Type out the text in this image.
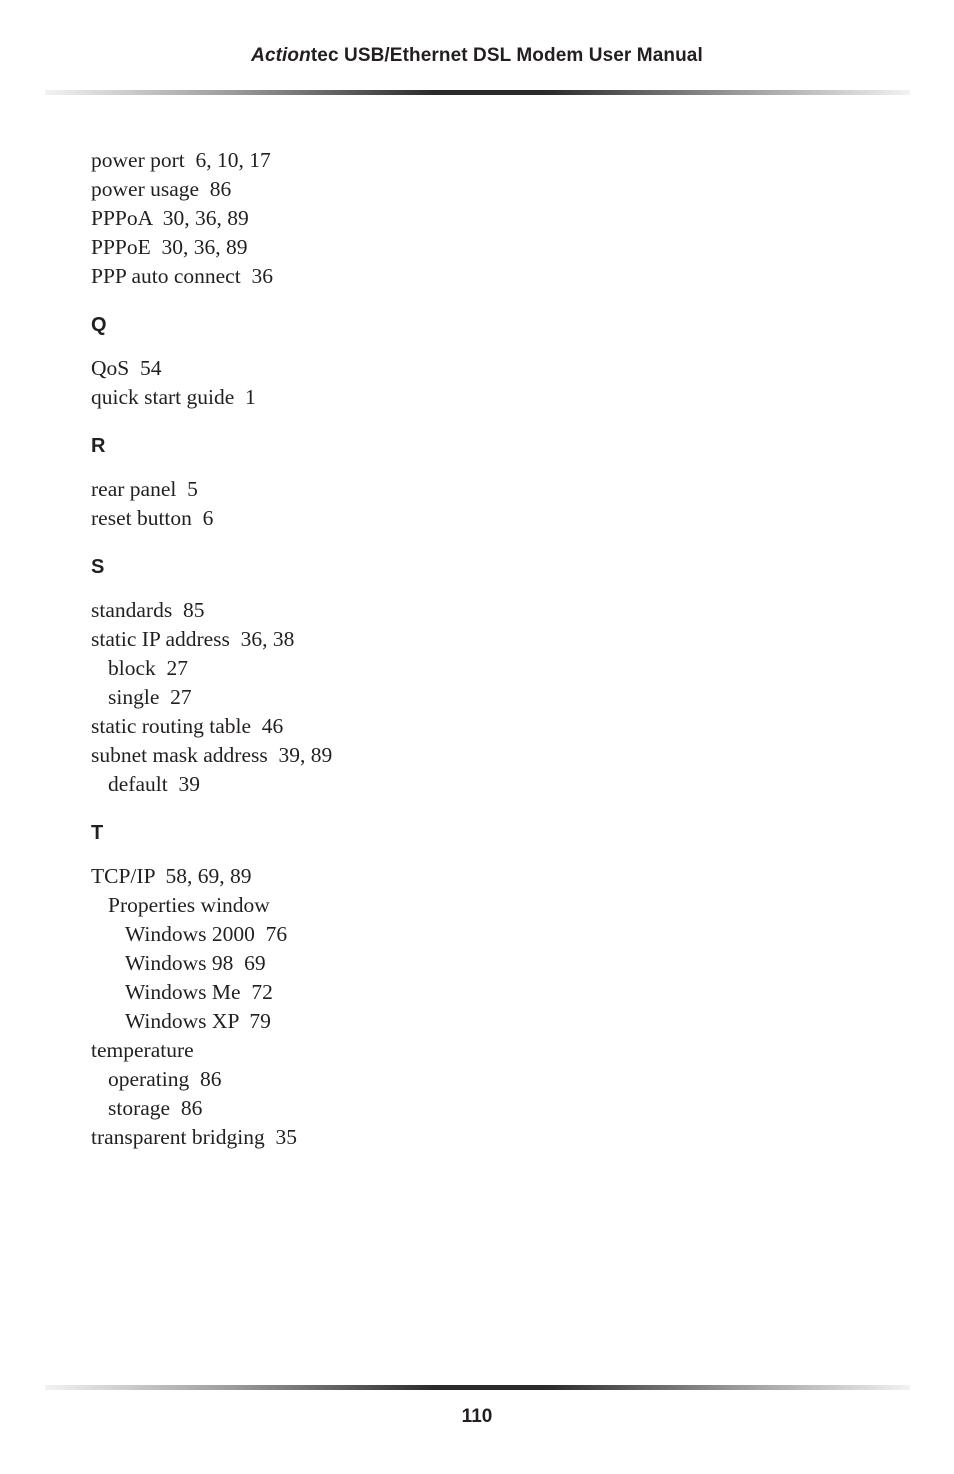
Actiontec USB/Ethernet DSL Modem User Manual
power port  6, 10, 17
power usage  86
PPPoA  30, 36, 89
PPPoE  30, 36, 89
PPP auto connect  36
Q
QoS  54
quick start guide  1
R
rear panel  5
reset button  6
S
standards  85
static IP address  36, 38
block  27
single  27
static routing table  46
subnet mask address  39, 89
default  39
T
TCP/IP  58, 69, 89
Properties window
Windows 2000  76
Windows 98  69
Windows Me  72
Windows XP  79
temperature
operating  86
storage  86
transparent bridging  35
110
